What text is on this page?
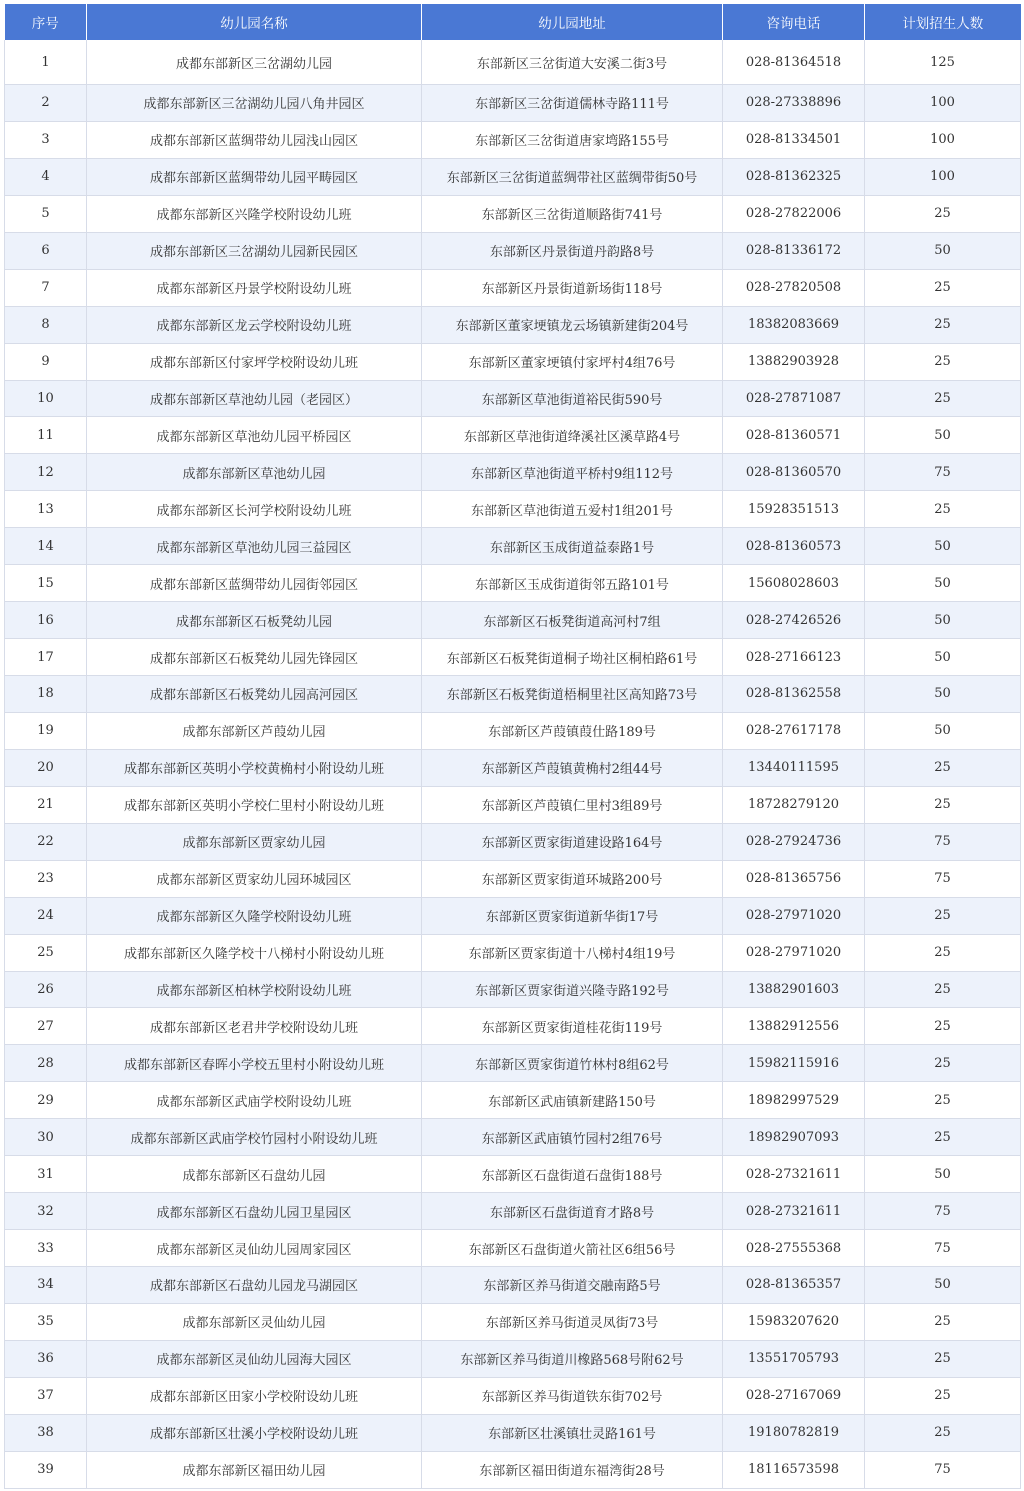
序号	幼儿园名称	幼儿园地址	咨询电话	计划招生人数
1	成都东部新区三岔湖幼儿园	东部新区三岔街道大安溪二街3号	028-81364518	125
2	成都东部新区三岔湖幼儿园八角井园区	东部新区三岔街道儒林寺路111号	028-27338896	100
3	成都东部新区蓝绸带幼儿园浅山园区	东部新区三岔街道唐家塆路155号	028-81334501	100
4	成都东部新区蓝绸带幼儿园平畴园区	东部新区三岔街道蓝绸带社区蓝绸带街50号	028-81362325	100
5	成都东部新区兴隆学校附设幼儿班	东部新区三岔街道顺路街741号	028-27822006	25
6	成都东部新区三岔湖幼儿园新民园区	东部新区丹景街道丹韵路8号	028-81336172	50
7	成都东部新区丹景学校附设幼儿班	东部新区丹景街道新场街118号	028-27820508	25
8	成都东部新区龙云学校附设幼儿班	东部新区董家埂镇龙云场镇新建街204号	18382083669	25
9	成都东部新区付家坪学校附设幼儿班	东部新区董家埂镇付家坪村4组76号	13882903928	25
10	成都东部新区草池幼儿园（老园区）	东部新区草池街道裕民街590号	028-27871087	25
11	成都东部新区草池幼儿园平桥园区	东部新区草池街道绛溪社区溪草路4号	028-81360571	50
12	成都东部新区草池幼儿园	东部新区草池街道平桥村9组112号	028-81360570	75
13	成都东部新区长河学校附设幼儿班	东部新区草池街道五爱村1组201号	15928351513	25
14	成都东部新区草池幼儿园三益园区	东部新区玉成街道益泰路1号	028-81360573	50
15	成都东部新区蓝绸带幼儿园街邻园区	东部新区玉成街道街邻五路101号	15608028603	50
16	成都东部新区石板凳幼儿园	东部新区石板凳街道高河村7组	028-27426526	50
17	成都东部新区石板凳幼儿园先锋园区	东部新区石板凳街道桐子坳社区桐柏路61号	028-27166123	50
18	成都东部新区石板凳幼儿园高河园区	东部新区石板凳街道梧桐里社区高知路73号	028-81362558	50
19	成都东部新区芦葭幼儿园	东部新区芦葭镇葭仕路189号	028-27617178	50
20	成都东部新区英明小学校黄桷村小附设幼儿班	东部新区芦葭镇黄桷村2组44号	13440111595	25
21	成都东部新区英明小学校仁里村小附设幼儿班	东部新区芦葭镇仁里村3组89号	18728279120	25
22	成都东部新区贾家幼儿园	东部新区贾家街道建设路164号	028-27924736	75
23	成都东部新区贾家幼儿园环城园区	东部新区贾家街道环城路200号	028-81365756	75
24	成都东部新区久隆学校附设幼儿班	东部新区贾家街道新华街17号	028-27971020	25
25	成都东部新区久隆学校十八梯村小附设幼儿班	东部新区贾家街道十八梯村4组19号	028-27971020	25
26	成都东部新区柏林学校附设幼儿班	东部新区贾家街道兴隆寺路192号	13882901603	25
27	成都东部新区老君井学校附设幼儿班	东部新区贾家街道桂花街119号	13882912556	25
28	成都东部新区春晖小学校五里村小附设幼儿班	东部新区贾家街道竹林村8组62号	15982115916	25
29	成都东部新区武庙学校附设幼儿班	东部新区武庙镇新建路150号	18982997529	25
30	成都东部新区武庙学校竹园村小附设幼儿班	东部新区武庙镇竹园村2组76号	18982907093	25
31	成都东部新区石盘幼儿园	东部新区石盘街道石盘街188号	028-27321611	50
32	成都东部新区石盘幼儿园卫星园区	东部新区石盘街道育才路8号	028-27321611	75
33	成都东部新区灵仙幼儿园周家园区	东部新区石盘街道火箭社区6组56号	028-27555368	75
34	成都东部新区石盘幼儿园龙马湖园区	东部新区养马街道交融南路5号	028-81365357	50
35	成都东部新区灵仙幼儿园	东部新区养马街道灵凤街73号	15983207620	25
36	成都东部新区灵仙幼儿园海大园区	东部新区养马街道川橡路568号附62号	13551705793	25
37	成都东部新区田家小学校附设幼儿班	东部新区养马街道铁东街702号	028-27167069	25
38	成都东部新区壮溪小学校附设幼儿班	东部新区壮溪镇壮灵路161号	19180782819	25
39	成都东部新区福田幼儿园	东部新区福田街道东福湾街28号	18116573598	75
